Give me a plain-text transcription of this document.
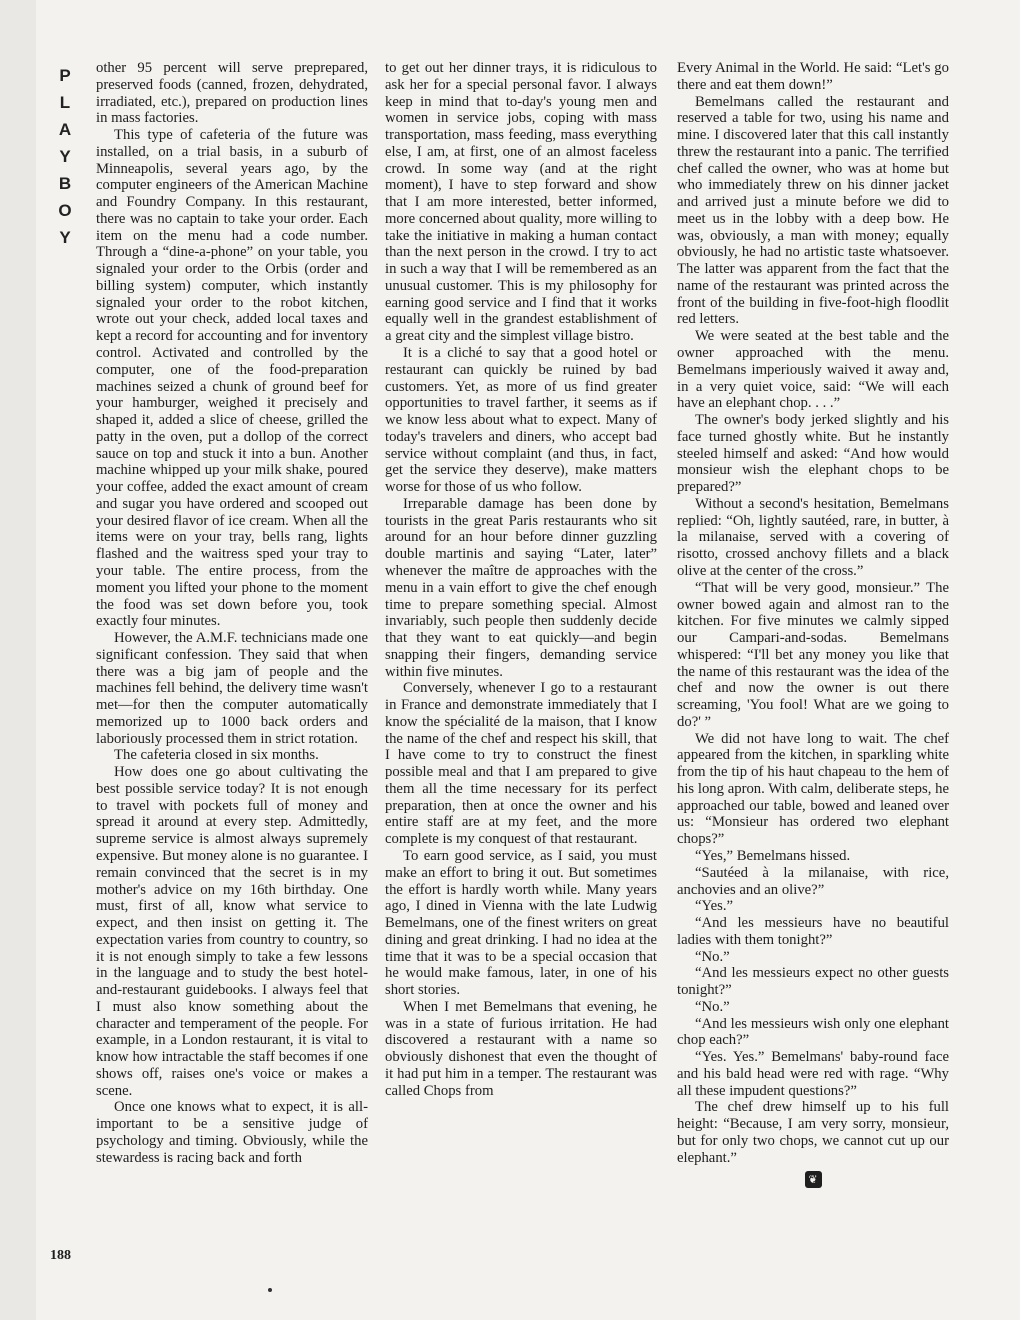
P
L
A
Y
B
O
Y
188

other 95 percent will serve preprepared, preserved foods (canned, frozen, dehydrated, irradiated, etc.), prepared on production lines in mass factories.

This type of cafeteria of the future was installed, on a trial basis, in a suburb of Minneapolis, several years ago, by the computer engineers of the American Machine and Foundry Company. In this restaurant, there was no captain to take your order. Each item on the menu had a code number. Through a “dine-a-phone” on your table, you signaled your order to the Orbis (order and billing system) computer, which instantly signaled your order to the robot kitchen, wrote out your check, added local taxes and kept a record for accounting and for inventory control. Activated and controlled by the computer, one of the food-preparation machines seized a chunk of ground beef for your hamburger, weighed it precisely and shaped it, added a slice of cheese, grilled the patty in the oven, put a dollop of the correct sauce on top and stuck it into a bun. Another machine whipped up your milk shake, poured your coffee, added the exact amount of cream and sugar you have ordered and scooped out your desired flavor of ice cream. When all the items were on your tray, bells rang, lights flashed and the waitress sped your tray to your table. The entire process, from the moment you lifted your phone to the moment the food was set down before you, took exactly four minutes.

However, the A.M.F. technicians made one significant confession. They said that when there was a big jam of people and the machines fell behind, the delivery time wasn't met—for then the computer automatically memorized up to 1000 back orders and laboriously processed them in strict rotation.

The cafeteria closed in six months.

How does one go about cultivating the best possible service today? It is not enough to travel with pockets full of money and spread it around at every step. Admittedly, supreme service is almost always supremely expensive. But money alone is no guarantee. I remain convinced that the secret is in my mother's advice on my 16th birthday. One must, first of all, know what service to expect, and then insist on getting it. The expectation varies from country to country, so it is not enough simply to take a few lessons in the language and to study the best hotel-and-restaurant guidebooks. I always feel that I must also know something about the character and temperament of the people. For example, in a London restaurant, it is vital to know how intractable the staff becomes if one shows off, raises one's voice or makes a scene.

Once one knows what to expect, it is all-important to be a sensitive judge of psychology and timing. Obviously, while the stewardess is racing back and forth

to get out her dinner trays, it is ridiculous to ask her for a special personal favor. I always keep in mind that to-day's young men and women in service jobs, coping with mass transportation, mass feeding, mass everything else, I am, at first, one of an almost faceless crowd. In some way (and at the right moment), I have to step forward and show that I am more interested, better informed, more concerned about quality, more willing to take the initiative in making a human contact than the next person in the crowd. I try to act in such a way that I will be remembered as an unusual customer. This is my philosophy for earning good service and I find that it works equally well in the grandest establishment of a great city and the simplest village bistro.

It is a cliché to say that a good hotel or restaurant can quickly be ruined by bad customers. Yet, as more of us find greater opportunities to travel farther, it seems as if we know less about what to expect. Many of today's travelers and diners, who accept bad service without complaint (and thus, in fact, get the service they deserve), make matters worse for those of us who follow.

Irreparable damage has been done by tourists in the great Paris restaurants who sit around for an hour before dinner guzzling double martinis and saying “Later, later” whenever the maître de approaches with the menu in a vain effort to give the chef enough time to prepare something special. Almost invariably, such people then suddenly decide that they want to eat quickly—and begin snapping their fingers, demanding service within five minutes.

Conversely, whenever I go to a restaurant in France and demonstrate immediately that I know the spécialité de la maison, that I know the name of the chef and respect his skill, that I have come to try to construct the finest possible meal and that I am prepared to give them all the time necessary for its perfect preparation, then at once the owner and his entire staff are at my feet, and the more complete is my conquest of that restaurant.

To earn good service, as I said, you must make an effort to bring it out. But sometimes the effort is hardly worth while. Many years ago, I dined in Vienna with the late Ludwig Bemelmans, one of the finest writers on great dining and great drinking. I had no idea at the time that it was to be a special occasion that he would make famous, later, in one of his short stories.

When I met Bemelmans that evening, he was in a state of furious irritation. He had discovered a restaurant with a name so obviously dishonest that even the thought of it had put him in a temper. The restaurant was called Chops from

Every Animal in the World. He said: “Let's go there and eat them down!”

Bemelmans called the restaurant and reserved a table for two, using his name and mine. I discovered later that this call instantly threw the restaurant into a panic. The terrified chef called the owner, who was at home but who immediately threw on his dinner jacket and arrived just a minute before we did to meet us in the lobby with a deep bow. He was, obviously, a man with money; equally obviously, he had no artistic taste whatsoever. The latter was apparent from the fact that the name of the restaurant was printed across the front of the building in five-foot-high floodlit red letters.

We were seated at the best table and the owner approached with the menu. Bemelmans imperiously waived it away and, in a very quiet voice, said: “We will each have an elephant chop. . . .”

The owner's body jerked slightly and his face turned ghostly white. But he instantly steeled himself and asked: “And how would monsieur wish the elephant chops to be prepared?”

Without a second's hesitation, Bemelmans replied: “Oh, lightly sautéed, rare, in butter, à la milanaise, served with a covering of risotto, crossed anchovy fillets and a black olive at the center of the cross.”

“That will be very good, monsieur.” The owner bowed again and almost ran to the kitchen. For five minutes we calmly sipped our Campari-and-sodas. Bemelmans whispered: “I'll bet any money you like that the name of this restaurant was the idea of the chef and now the owner is out there screaming, 'You fool! What are we going to do?' ”

We did not have long to wait. The chef appeared from the kitchen, in sparkling white from the tip of his haut chapeau to the hem of his long apron. With calm, deliberate steps, he approached our table, bowed and leaned over us: “Monsieur has ordered two elephant chops?”

“Yes,” Bemelmans hissed.

“Sautéed à la milanaise, with rice, anchovies and an olive?”

“Yes.”

“And les messieurs have no beautiful ladies with them tonight?”

“No.”

“And les messieurs expect no other guests tonight?”

“No.”

“And les messieurs wish only one elephant chop each?”

“Yes. Yes.” Bemelmans' baby-round face and his bald head were red with rage. “Why all these impudent questions?”

The chef drew himself up to his full height: “Because, I am very sorry, monsieur, but for only two chops, we cannot cut up our elephant.”

❦
